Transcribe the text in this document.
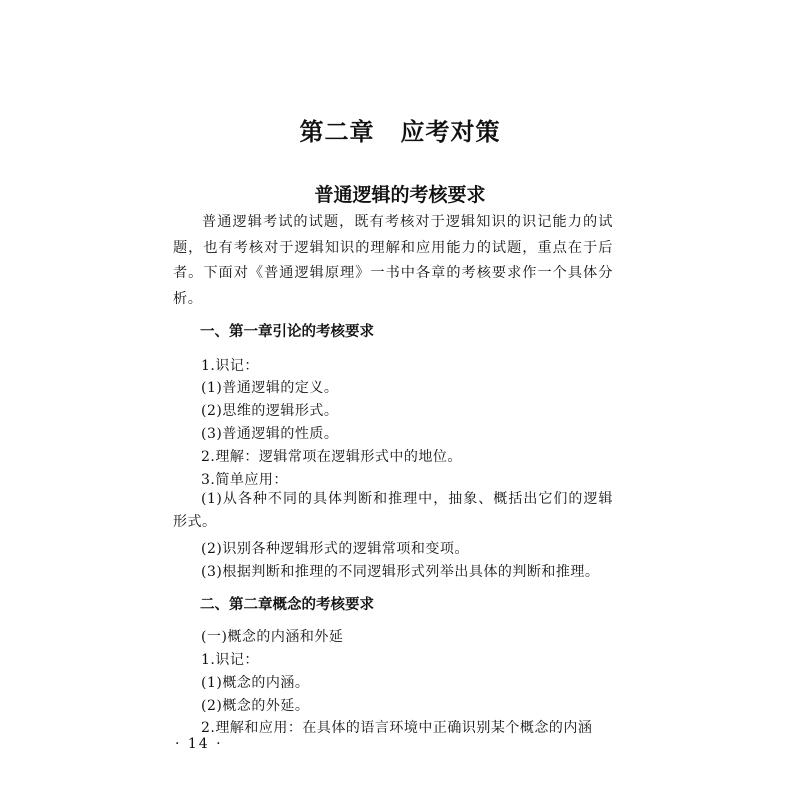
第二章 应考对策
普通逻辑的考核要求
普通逻辑考试的试题，既有考核对于逻辑知识的识记能力的试题，也有考核对于逻辑知识的理解和应用能力的试题，重点在于后者。下面对《普通逻辑原理》一书中各章的考核要求作一个具体分析。
一、第一章引论的考核要求
1.识记：
(1)普通逻辑的定义。
(2)思维的逻辑形式。
(3)普通逻辑的性质。
2.理解：逻辑常项在逻辑形式中的地位。
3.简单应用：
(1)从各种不同的具体判断和推理中，抽象、概括出它们的逻辑形式。
(2)识别各种逻辑形式的逻辑常项和变项。
(3)根据判断和推理的不同逻辑形式列举出具体的判断和推理。
二、第二章概念的考核要求
(一)概念的内涵和外延
1.识记：
(1)概念的内涵。
(2)概念的外延。
2.理解和应用：在具体的语言环境中正确识别某个概念的内涵
· 14 ·
